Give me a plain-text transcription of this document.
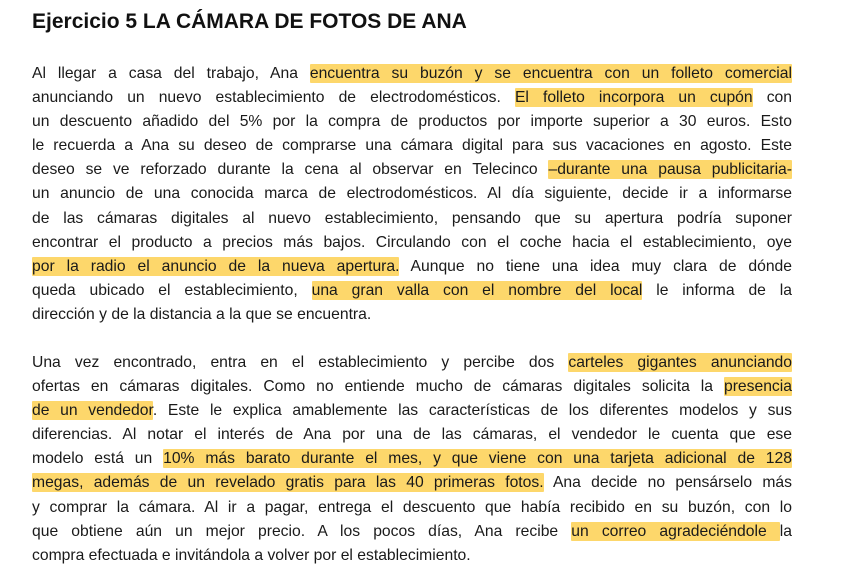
Ejercicio 5 LA CÁMARA DE FOTOS DE ANA
Al llegar a casa del trabajo, Ana encuentra su buzón y se encuentra con un folleto comercial
anunciando un nuevo establecimiento de electrodomésticos. El folleto incorpora un cupón con
un descuento añadido del 5% por la compra de productos por importe superior a 30 euros. Esto
le recuerda a Ana su deseo de comprarse una cámara digital para sus vacaciones en agosto. Este
deseo se ve reforzado durante la cena al observar en Telecinco –durante una pausa publicitaria-
un anuncio de una conocida marca de electrodomésticos. Al día siguiente, decide ir a informarse
de las cámaras digitales al nuevo establecimiento, pensando que su apertura podría suponer
encontrar el producto a precios más bajos. Circulando con el coche hacia el establecimiento, oye
por la radio el anuncio de la nueva apertura. Aunque no tiene una idea muy clara de dónde
queda ubicado el establecimiento, una gran valla con el nombre del local le informa de la
dirección y de la distancia a la que se encuentra.
Una vez encontrado, entra en el establecimiento y percibe dos carteles gigantes anunciando
ofertas en cámaras digitales. Como no entiende mucho de cámaras digitales solicita la presencia
de un vendedor. Este le explica amablemente las características de los diferentes modelos y sus
diferencias. Al notar el interés de Ana por una de las cámaras, el vendedor le cuenta que ese
modelo está un 10% más barato durante el mes, y que viene con una tarjeta adicional de 128
megas, además de un revelado gratis para las 40 primeras fotos. Ana decide no pensárselo más
y comprar la cámara. Al ir a pagar, entrega el descuento que había recibido en su buzón, con lo
que obtiene aún un mejor precio. A los pocos días, Ana recibe un correo agradeciéndole la
compra efectuada e invitándola a volver por el establecimiento.
